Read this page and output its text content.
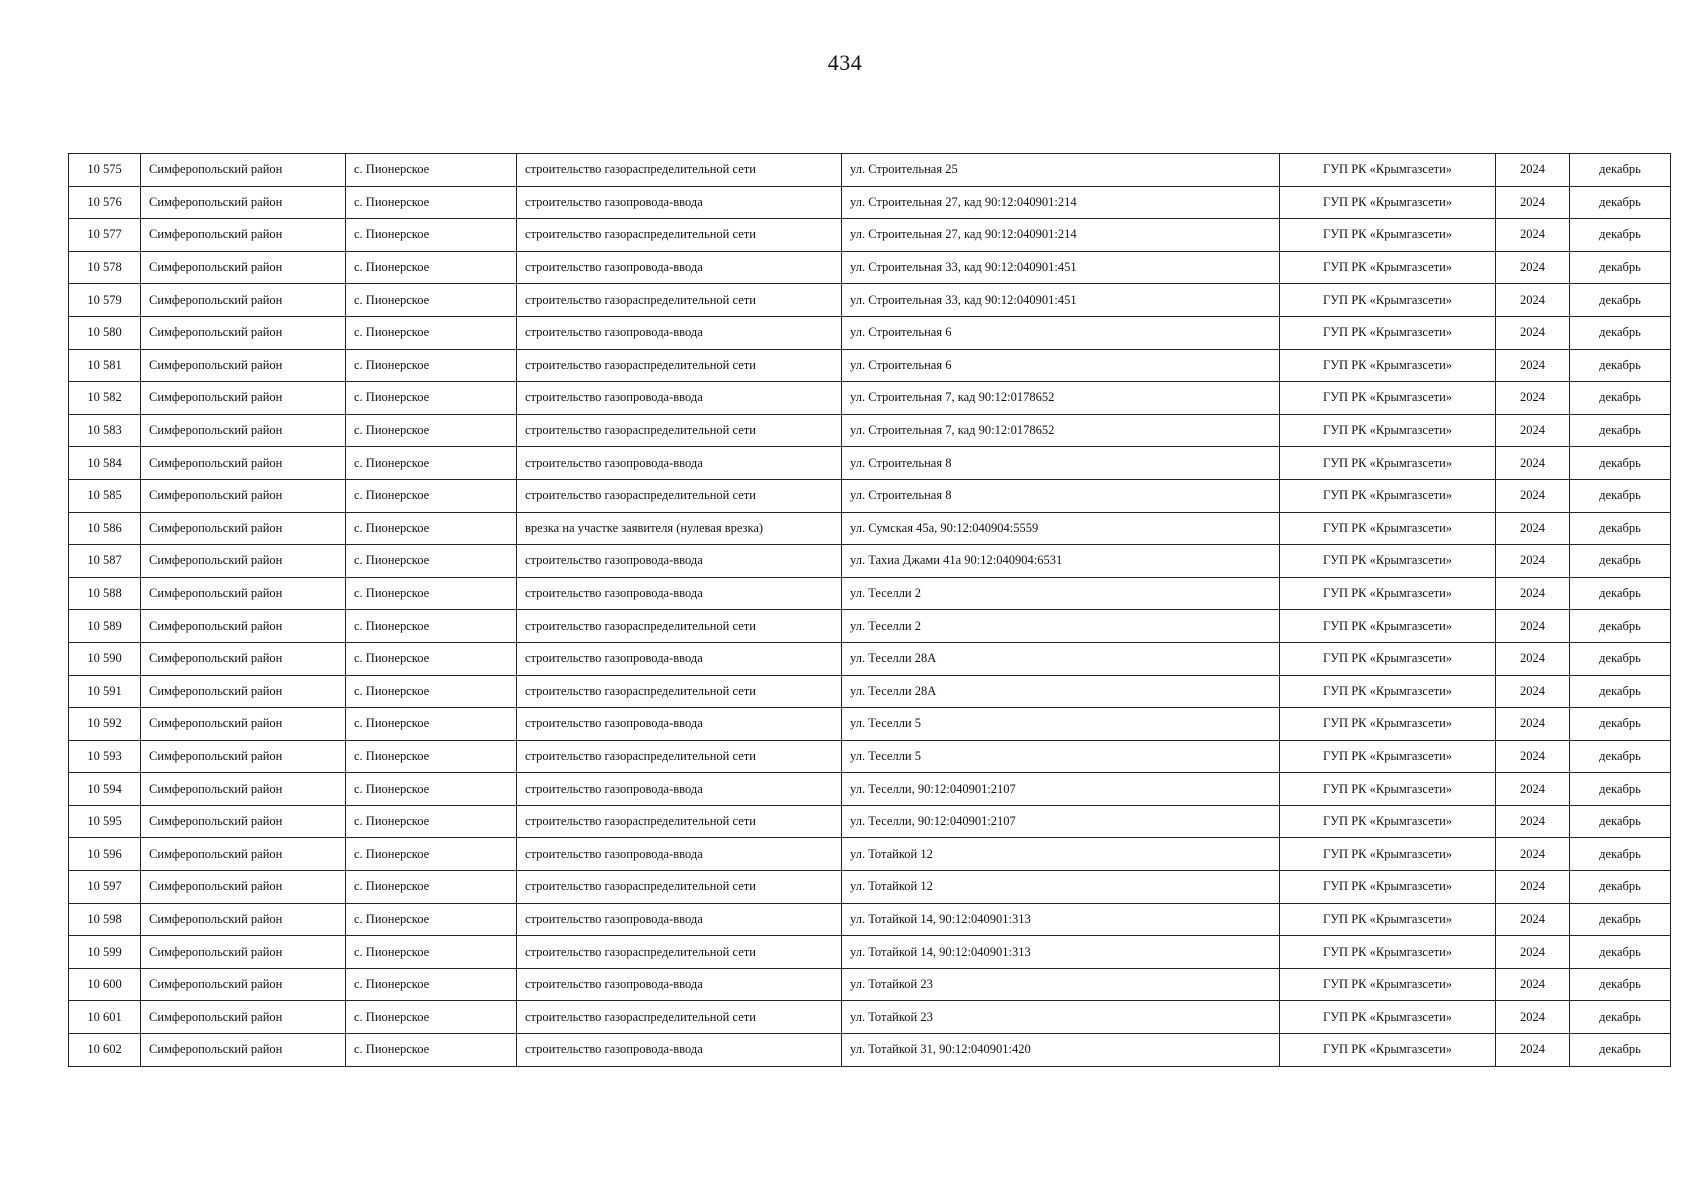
434
10 575	Симферопольский район	с. Пионерское	строительство газораспределительной сети	ул. Строительная 25	ГУП РК «Крымгазсети»	2024	декабрь
10 576	Симферопольский район	с. Пионерское	строительство газопровода-ввода	ул. Строительная 27, кад 90:12:040901:214	ГУП РК «Крымгазсети»	2024	декабрь
10 577	Симферопольский район	с. Пионерское	строительство газораспределительной сети	ул. Строительная 27, кад 90:12:040901:214	ГУП РК «Крымгазсети»	2024	декабрь
10 578	Симферопольский район	с. Пионерское	строительство газопровода-ввода	ул. Строительная 33, кад 90:12:040901:451	ГУП РК «Крымгазсети»	2024	декабрь
10 579	Симферопольский район	с. Пионерское	строительство газораспределительной сети	ул. Строительная 33, кад 90:12:040901:451	ГУП РК «Крымгазсети»	2024	декабрь
10 580	Симферопольский район	с. Пионерское	строительство газопровода-ввода	ул. Строительная 6	ГУП РК «Крымгазсети»	2024	декабрь
10 581	Симферопольский район	с. Пионерское	строительство газораспределительной сети	ул. Строительная 6	ГУП РК «Крымгазсети»	2024	декабрь
10 582	Симферопольский район	с. Пионерское	строительство газопровода-ввода	ул. Строительная 7, кад 90:12:0178652	ГУП РК «Крымгазсети»	2024	декабрь
10 583	Симферопольский район	с. Пионерское	строительство газораспределительной сети	ул. Строительная 7, кад 90:12:0178652	ГУП РК «Крымгазсети»	2024	декабрь
10 584	Симферопольский район	с. Пионерское	строительство газопровода-ввода	ул. Строительная 8	ГУП РК «Крымгазсети»	2024	декабрь
10 585	Симферопольский район	с. Пионерское	строительство газораспределительной сети	ул. Строительная 8	ГУП РК «Крымгазсети»	2024	декабрь
10 586	Симферопольский район	с. Пионерское	врезка на участке заявителя (нулевая врезка)	ул. Сумская 45а, 90:12:040904:5559	ГУП РК «Крымгазсети»	2024	декабрь
10 587	Симферопольский район	с. Пионерское	строительство газопровода-ввода	ул. Тахиа Джами 41а 90:12:040904:6531	ГУП РК «Крымгазсети»	2024	декабрь
10 588	Симферопольский район	с. Пионерское	строительство газопровода-ввода	ул. Теселли 2	ГУП РК «Крымгазсети»	2024	декабрь
10 589	Симферопольский район	с. Пионерское	строительство газораспределительной сети	ул. Теселли 2	ГУП РК «Крымгазсети»	2024	декабрь
10 590	Симферопольский район	с. Пионерское	строительство газопровода-ввода	ул. Теселли 28А	ГУП РК «Крымгазсети»	2024	декабрь
10 591	Симферопольский район	с. Пионерское	строительство газораспределительной сети	ул. Теселли 28А	ГУП РК «Крымгазсети»	2024	декабрь
10 592	Симферопольский район	с. Пионерское	строительство газопровода-ввода	ул. Теселли 5	ГУП РК «Крымгазсети»	2024	декабрь
10 593	Симферопольский район	с. Пионерское	строительство газораспределительной сети	ул. Теселли 5	ГУП РК «Крымгазсети»	2024	декабрь
10 594	Симферопольский район	с. Пионерское	строительство газопровода-ввода	ул. Теселли, 90:12:040901:2107	ГУП РК «Крымгазсети»	2024	декабрь
10 595	Симферопольский район	с. Пионерское	строительство газораспределительной сети	ул. Теселли, 90:12:040901:2107	ГУП РК «Крымгазсети»	2024	декабрь
10 596	Симферопольский район	с. Пионерское	строительство газопровода-ввода	ул. Тотайкой 12	ГУП РК «Крымгазсети»	2024	декабрь
10 597	Симферопольский район	с. Пионерское	строительство газораспределительной сети	ул. Тотайкой 12	ГУП РК «Крымгазсети»	2024	декабрь
10 598	Симферопольский район	с. Пионерское	строительство газопровода-ввода	ул. Тотайкой 14, 90:12:040901:313	ГУП РК «Крымгазсети»	2024	декабрь
10 599	Симферопольский район	с. Пионерское	строительство газораспределительной сети	ул. Тотайкой 14, 90:12:040901:313	ГУП РК «Крымгазсети»	2024	декабрь
10 600	Симферопольский район	с. Пионерское	строительство газопровода-ввода	ул. Тотайкой 23	ГУП РК «Крымгазсети»	2024	декабрь
10 601	Симферопольский район	с. Пионерское	строительство газораспределительной сети	ул. Тотайкой 23	ГУП РК «Крымгазсети»	2024	декабрь
10 602	Симферопольский район	с. Пионерское	строительство газопровода-ввода	ул. Тотайкой 31, 90:12:040901:420	ГУП РК «Крымгазсети»	2024	декабрь
